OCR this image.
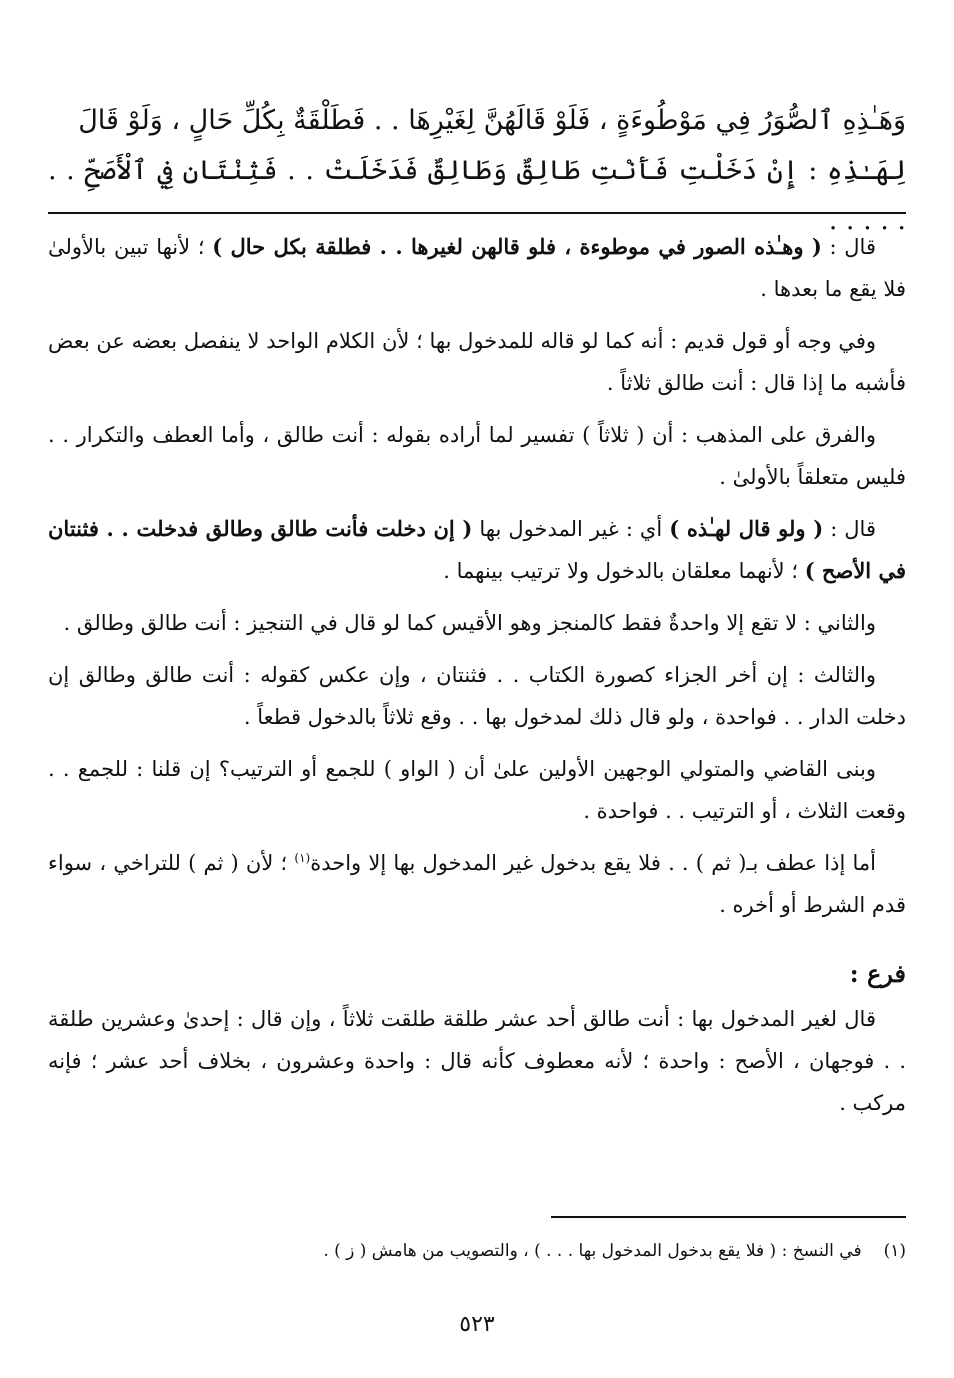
وَهَـٰذِهِ ٱلصُّوَرُ فِي مَوْطُوءَةٍ ، فَلَوْ قَالَهُنَّ لِغَيْرِهَا . . فَطَلْقَةٌ بِكُلِّ حَالٍ ، وَلَوْ قَالَ
لِهَـٰذِهِ : إِنْ دَخَلْتِ فَأَنْتِ طَالِقٌ وَطَالِقٌ فَدَخَلَتْ . . فَثِنْتَانِ فِي ٱلْأَصَحِّ . . . . . . .

قال : ( وهـٰذه الصور في موطوءة ، فلو قالهن لغيرها . . فطلقة بكل حال ) ؛ لأنها تبين بالأولىٰ فلا يقع ما بعدها .

وفي وجه أو قول قديم : أنه كما لو قاله للمدخول بها ؛ لأن الكلام الواحد لا ينفصل بعضه عن بعض فأشبه ما إذا قال : أنت طالق ثلاثاً .

والفرق على المذهب : أن ( ثلاثاً ) تفسير لما أراده بقوله : أنت طالق ، وأما العطف والتكرار . . فليس متعلقاً بالأولىٰ .

قال : ( ولو قال لهـٰذه ) أي : غير المدخول بها ( إن دخلت فأنت طالق وطالق فدخلت . . فثنتان في الأصح ) ؛ لأنهما معلقان بالدخول ولا ترتيب بينهما .

والثاني : لا تقع إلا واحدةٌ فقط كالمنجز وهو الأقيس كما لو قال في التنجيز : أنت طالق وطالق .

والثالث : إن أخر الجزاء كصورة الكتاب . . فثنتان ، وإن عكس كقوله : أنت طالق وطالق إن دخلت الدار . . فواحدة ، ولو قال ذلك لمدخول بها . . وقع ثلاثاً بالدخول قطعاً .

وبنى القاضي والمتولي الوجهين الأولين علىٰ أن ( الواو ) للجمع أو الترتيب؟ إن قلنا : للجمع . . وقعت الثلاث ، أو الترتيب . . فواحدة .

أما إذا عطف بـ( ثم ) . . فلا يقع بدخول غير المدخول بها إلا واحدة$^{(١)}$ ؛ لأن ( ثم ) للتراخي ، سواء قدم الشرط أو أخره .

فرع :

قال لغير المدخول بها : أنت طالق أحد عشر طلقة طلقت ثلاثاً ، وإن قال : إحدىٰ وعشرين طلقة . . فوجهان ، الأصح : واحدة ؛ لأنه معطوف كأنه قال : واحدة وعشرون ، بخلاف أحد عشر ؛ فإنه مركب .

(١)في النسخ : ( فلا يقع بدخول المدخول بها . . . ) ، والتصويب من هامش ( ز ) .
٥٢٣
